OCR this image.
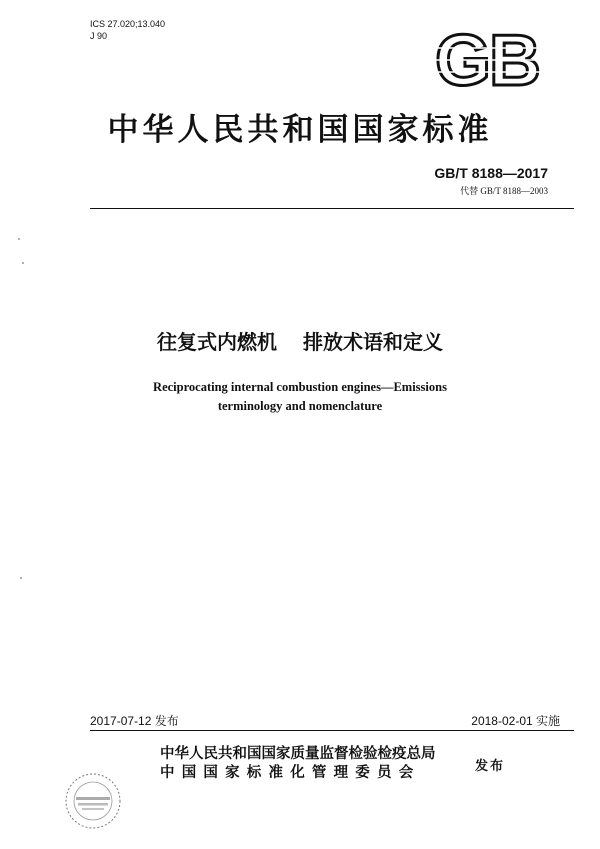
ICS 27.020;13.040
J 90	GB
中华人民共和国国家标准
GB/T 8188—2017
代替 GB/T 8188—2003
往复式内燃机 排放术语和定义
Reciprocating internal combustion engines—Emissions
terminology and nomenclature
2017-07-12 发布	2018-02-01 实施
中华人民共和国国家质量监督检验检疫总局
中国国家标准化管理委员会	发布
